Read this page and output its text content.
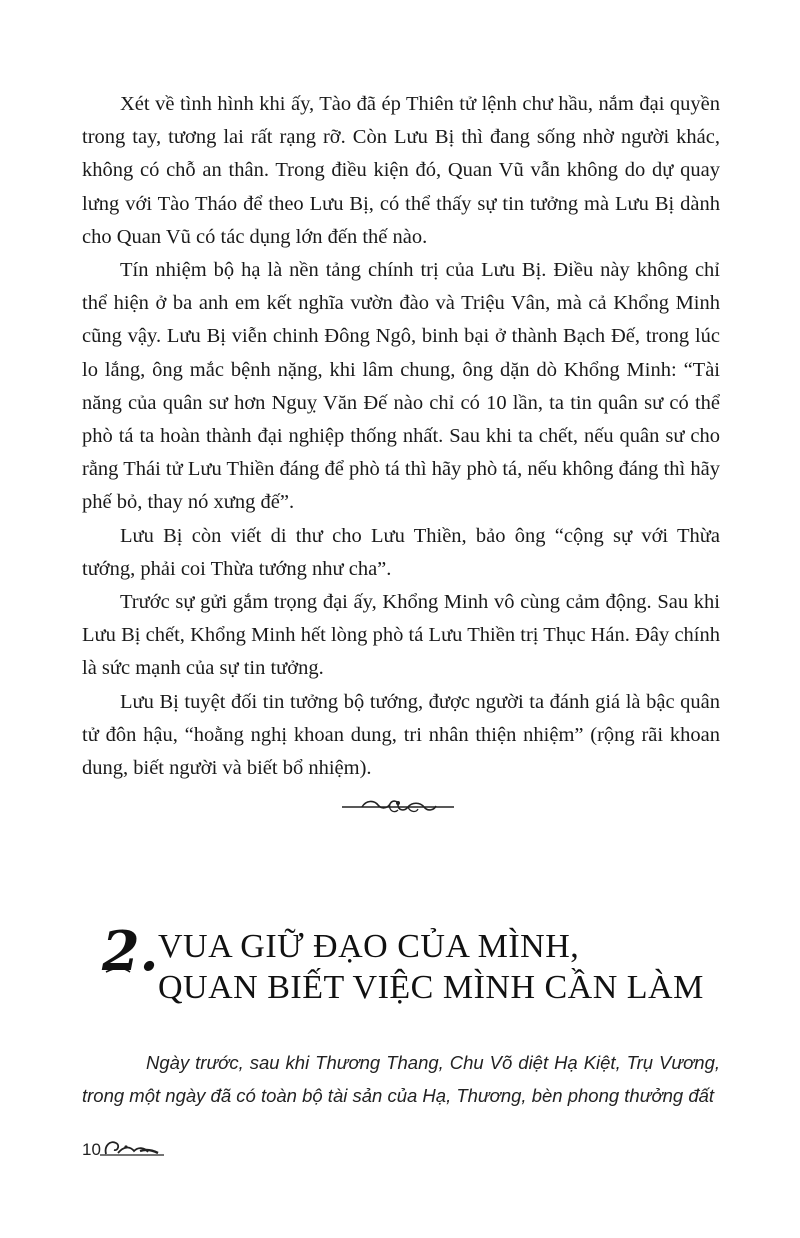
Xét về tình hình khi ấy, Tào đã ép Thiên tử lệnh chư hầu, nắm đại quyền trong tay, tương lai rất rạng rỡ. Còn Lưu Bị thì đang sống nhờ người khác, không có chỗ an thân. Trong điều kiện đó, Quan Vũ vẫn không do dự quay lưng với Tào Tháo để theo Lưu Bị, có thể thấy sự tin tưởng mà Lưu Bị dành cho Quan Vũ có tác dụng lớn đến thế nào.

Tín nhiệm bộ hạ là nền tảng chính trị của Lưu Bị. Điều này không chỉ thể hiện ở ba anh em kết nghĩa vườn đào và Triệu Vân, mà cả Khổng Minh cũng vậy. Lưu Bị viễn chinh Đông Ngô, binh bại ở thành Bạch Đế, trong lúc lo lắng, ông mắc bệnh nặng, khi lâm chung, ông dặn dò Khổng Minh: “Tài năng của quân sư hơn Nguỵ Văn Đế nào chỉ có 10 lần, ta tin quân sư có thể phò tá ta hoàn thành đại nghiệp thống nhất. Sau khi ta chết, nếu quân sư cho rằng Thái tử Lưu Thiền đáng để phò tá thì hãy phò tá, nếu không đáng thì hãy phế bỏ, thay nó xưng đế”.

Lưu Bị còn viết di thư cho Lưu Thiền, bảo ông “cộng sự với Thừa tướng, phải coi Thừa tướng như cha”.

Trước sự gửi gắm trọng đại ấy, Khổng Minh vô cùng cảm động. Sau khi Lưu Bị chết, Khổng Minh hết lòng phò tá Lưu Thiền trị Thục Hán. Đây chính là sức mạnh của sự tin tưởng.

Lưu Bị tuyệt đối tin tưởng bộ tướng, được người ta đánh giá là bậc quân tử đôn hậu, “hoằng nghị khoan dung, tri nhân thiện nhiệm” (rộng rãi khoan dung, biết người và biết bổ nhiệm).

2. VUA GIỮ ĐẠO CỦA MÌNH,
QUAN BIẾT VIỆC MÌNH CẦN LÀM
Ngày trước, sau khi Thương Thang, Chu Võ diệt Hạ Kiệt, Trụ Vương, trong một ngày đã có toàn bộ tài sản của Hạ, Thương, bèn phong thưởng đất
10
